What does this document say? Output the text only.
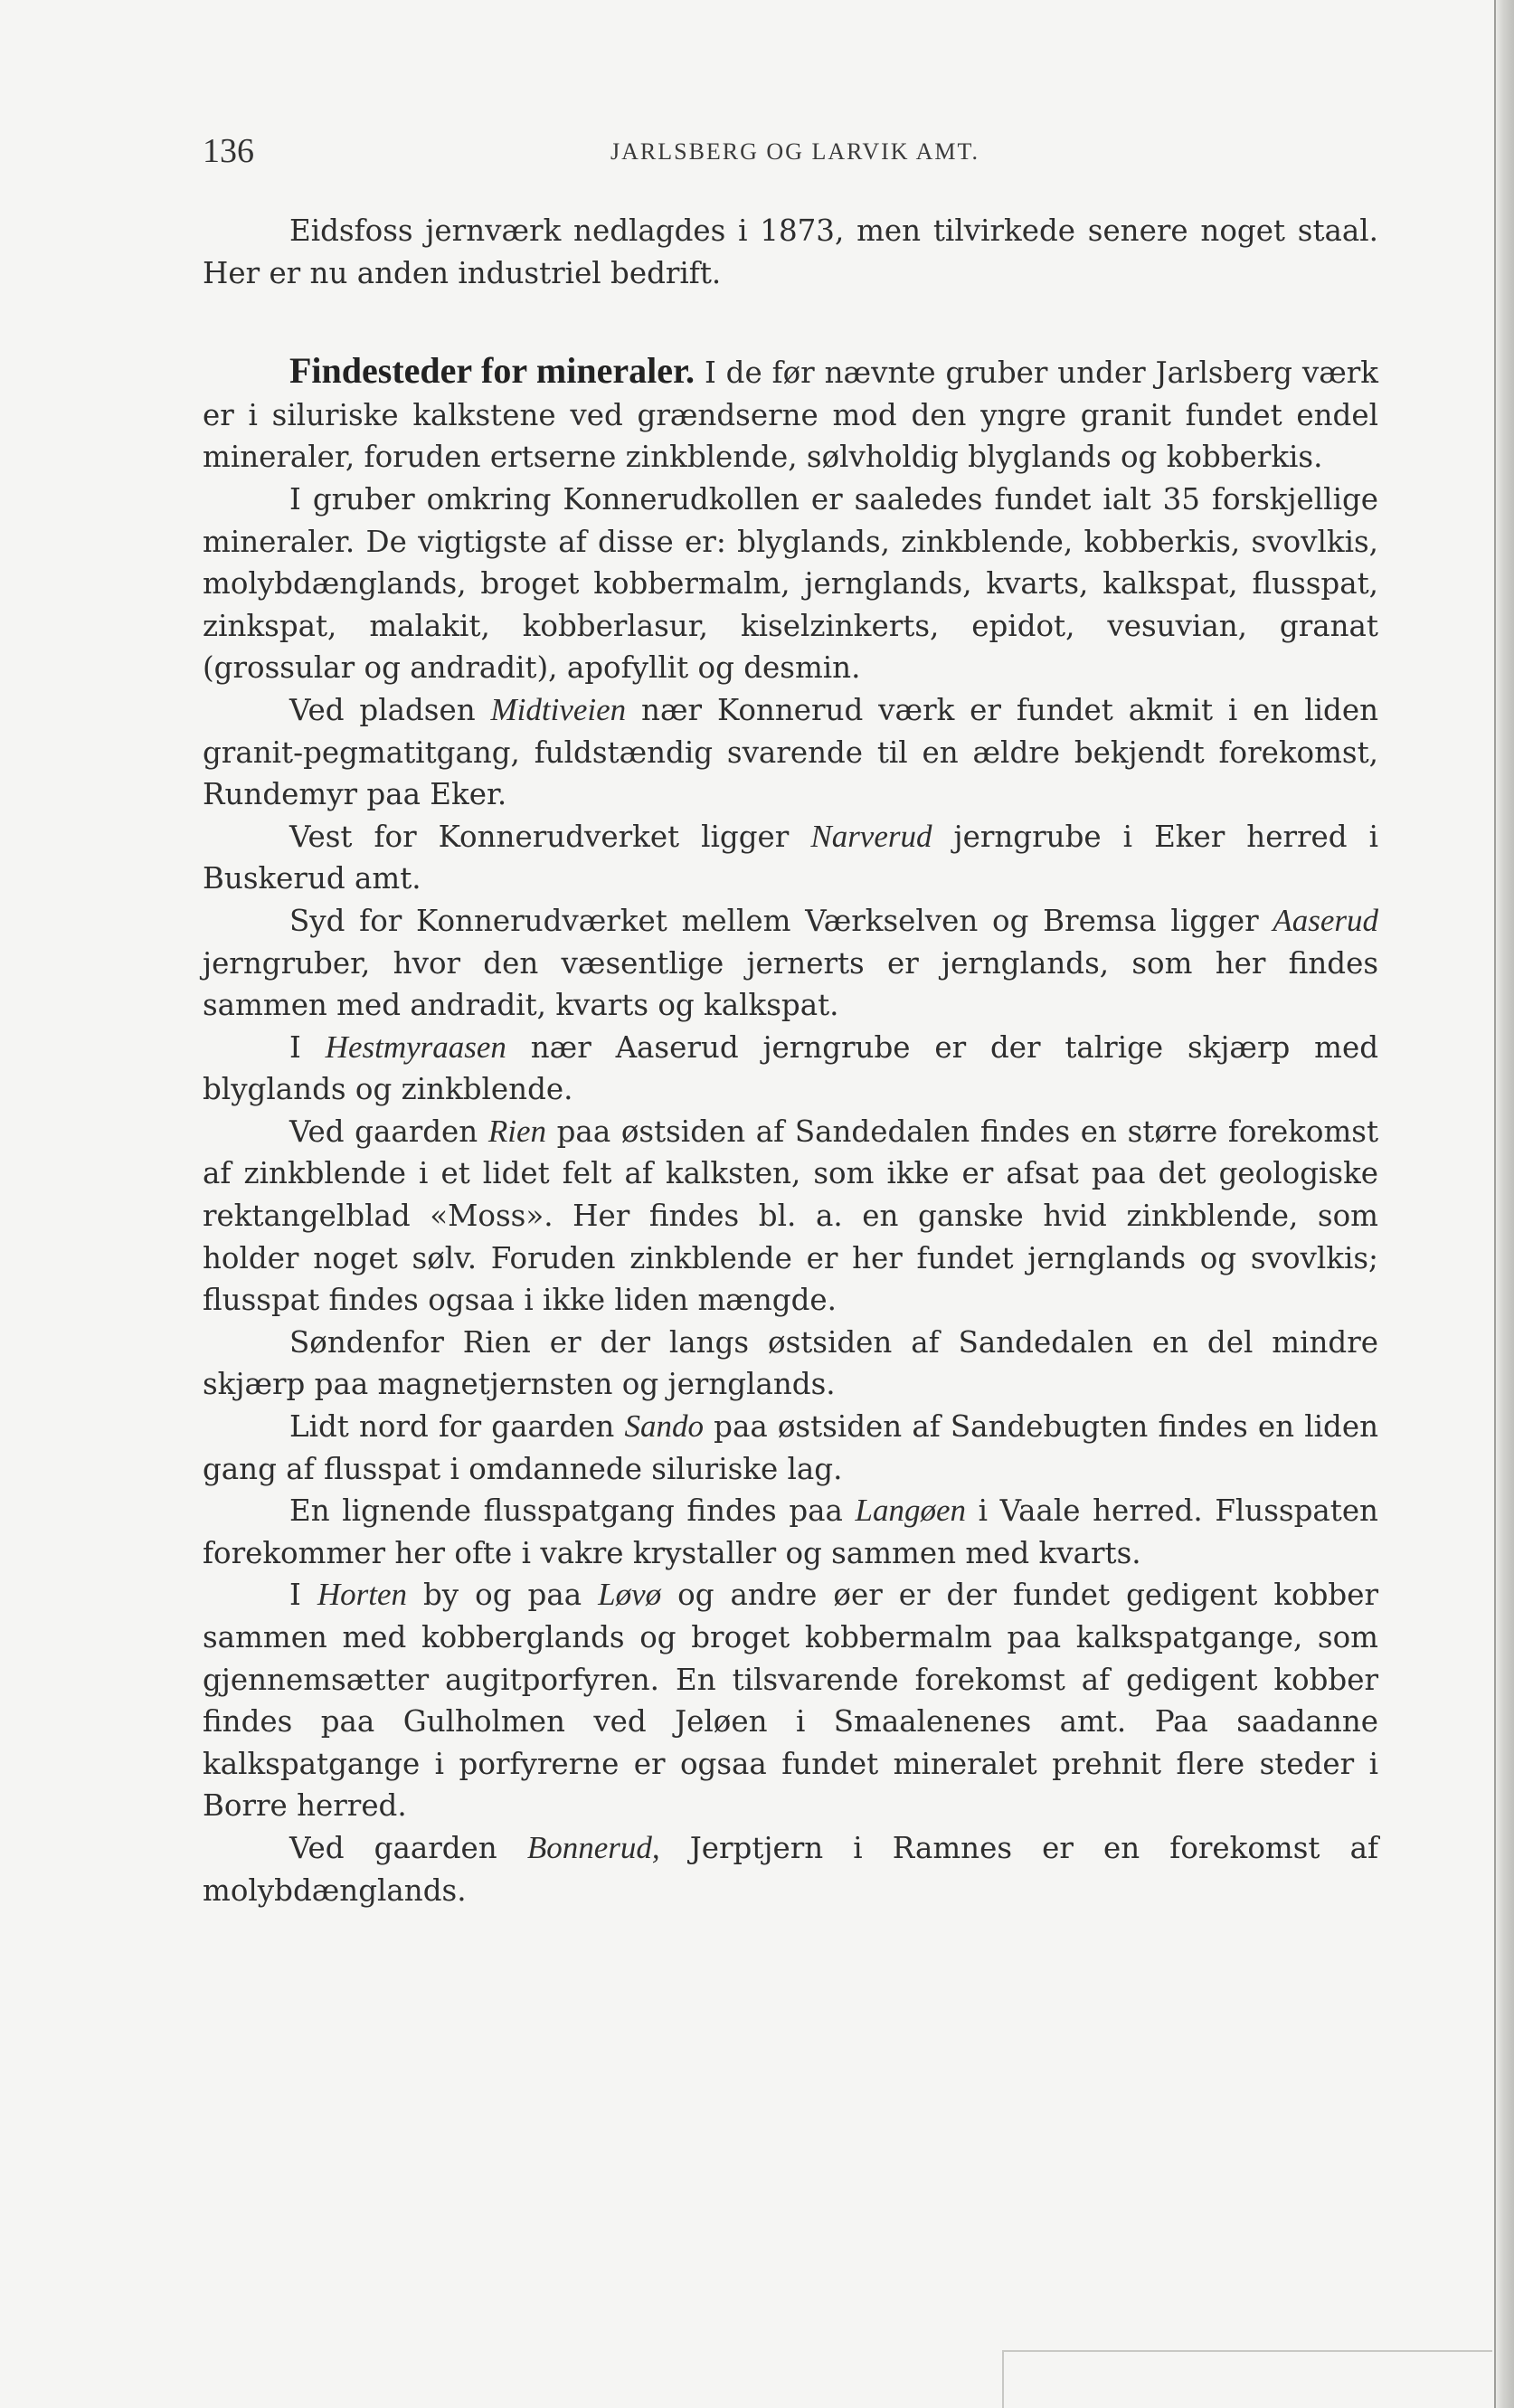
136	JARLSBERG OG LARVIK AMT.

Eidsfoss jernværk nedlagdes i 1873, men tilvirkede senere noget staal. Her er nu anden industriel bedrift.

Findesteder for mineraler. I de før nævnte gruber under Jarlsberg værk er i siluriske kalkstene ved grændserne mod den yngre granit fundet endel mineraler, foruden ertserne zinkblende, sølvholdig blyglands og kobberkis.

I gruber omkring Konnerudkollen er saaledes fundet ialt 35 forskjellige mineraler. De vigtigste af disse er: blyglands, zinkblende, kobberkis, svovlkis, molybdænglands, broget kobbermalm, jernglands, kvarts, kalkspat, flusspat, zinkspat, malakit, kobberlasur, kiselzinkerts, epidot, vesuvian, granat (grossular og andradit), apofyllit og desmin.

Ved pladsen Midtiveien nær Konnerud værk er fundet akmit i en liden granit-pegmatitgang, fuldstændig svarende til en ældre bekjendt forekomst, Rundemyr paa Eker.

Vest for Konnerudverket ligger Narverud jerngrube i Eker herred i Buskerud amt.

Syd for Konnerudværket mellem Værkselven og Bremsa ligger Aaserud jerngruber, hvor den væsentlige jernerts er jernglands, som her findes sammen med andradit, kvarts og kalkspat.

I Hestmyraasen nær Aaserud jerngrube er der talrige skjærp med blyglands og zinkblende.

Ved gaarden Rien paa østsiden af Sandedalen findes en større forekomst af zinkblende i et lidet felt af kalksten, som ikke er afsat paa det geologiske rektangelblad «Moss». Her findes bl. a. en ganske hvid zinkblende, som holder noget sølv. Foruden zinkblende er her fundet jernglands og svovlkis; flusspat findes ogsaa i ikke liden mængde.

Søndenfor Rien er der langs østsiden af Sandedalen en del mindre skjærp paa magnetjernsten og jernglands.

Lidt nord for gaarden Sando paa østsiden af Sandebugten findes en liden gang af flusspat i omdannede siluriske lag.

En lignende flusspatgang findes paa Langøen i Vaale herred. Flusspaten forekommer her ofte i vakre krystaller og sammen med kvarts.

I Horten by og paa Løvø og andre øer er der fundet gedigent kobber sammen med kobberglands og broget kobbermalm paa kalkspatgange, som gjennemsætter augitporfyren. En tilsvarende forekomst af gedigent kobber findes paa Gulholmen ved Jeløen i Smaalenenes amt. Paa saadanne kalkspatgange i porfyrerne er ogsaa fundet mineralet prehnit flere steder i Borre herred.

Ved gaarden Bonnerud, Jerptjern i Ramnes er en forekomst af molybdænglands.
